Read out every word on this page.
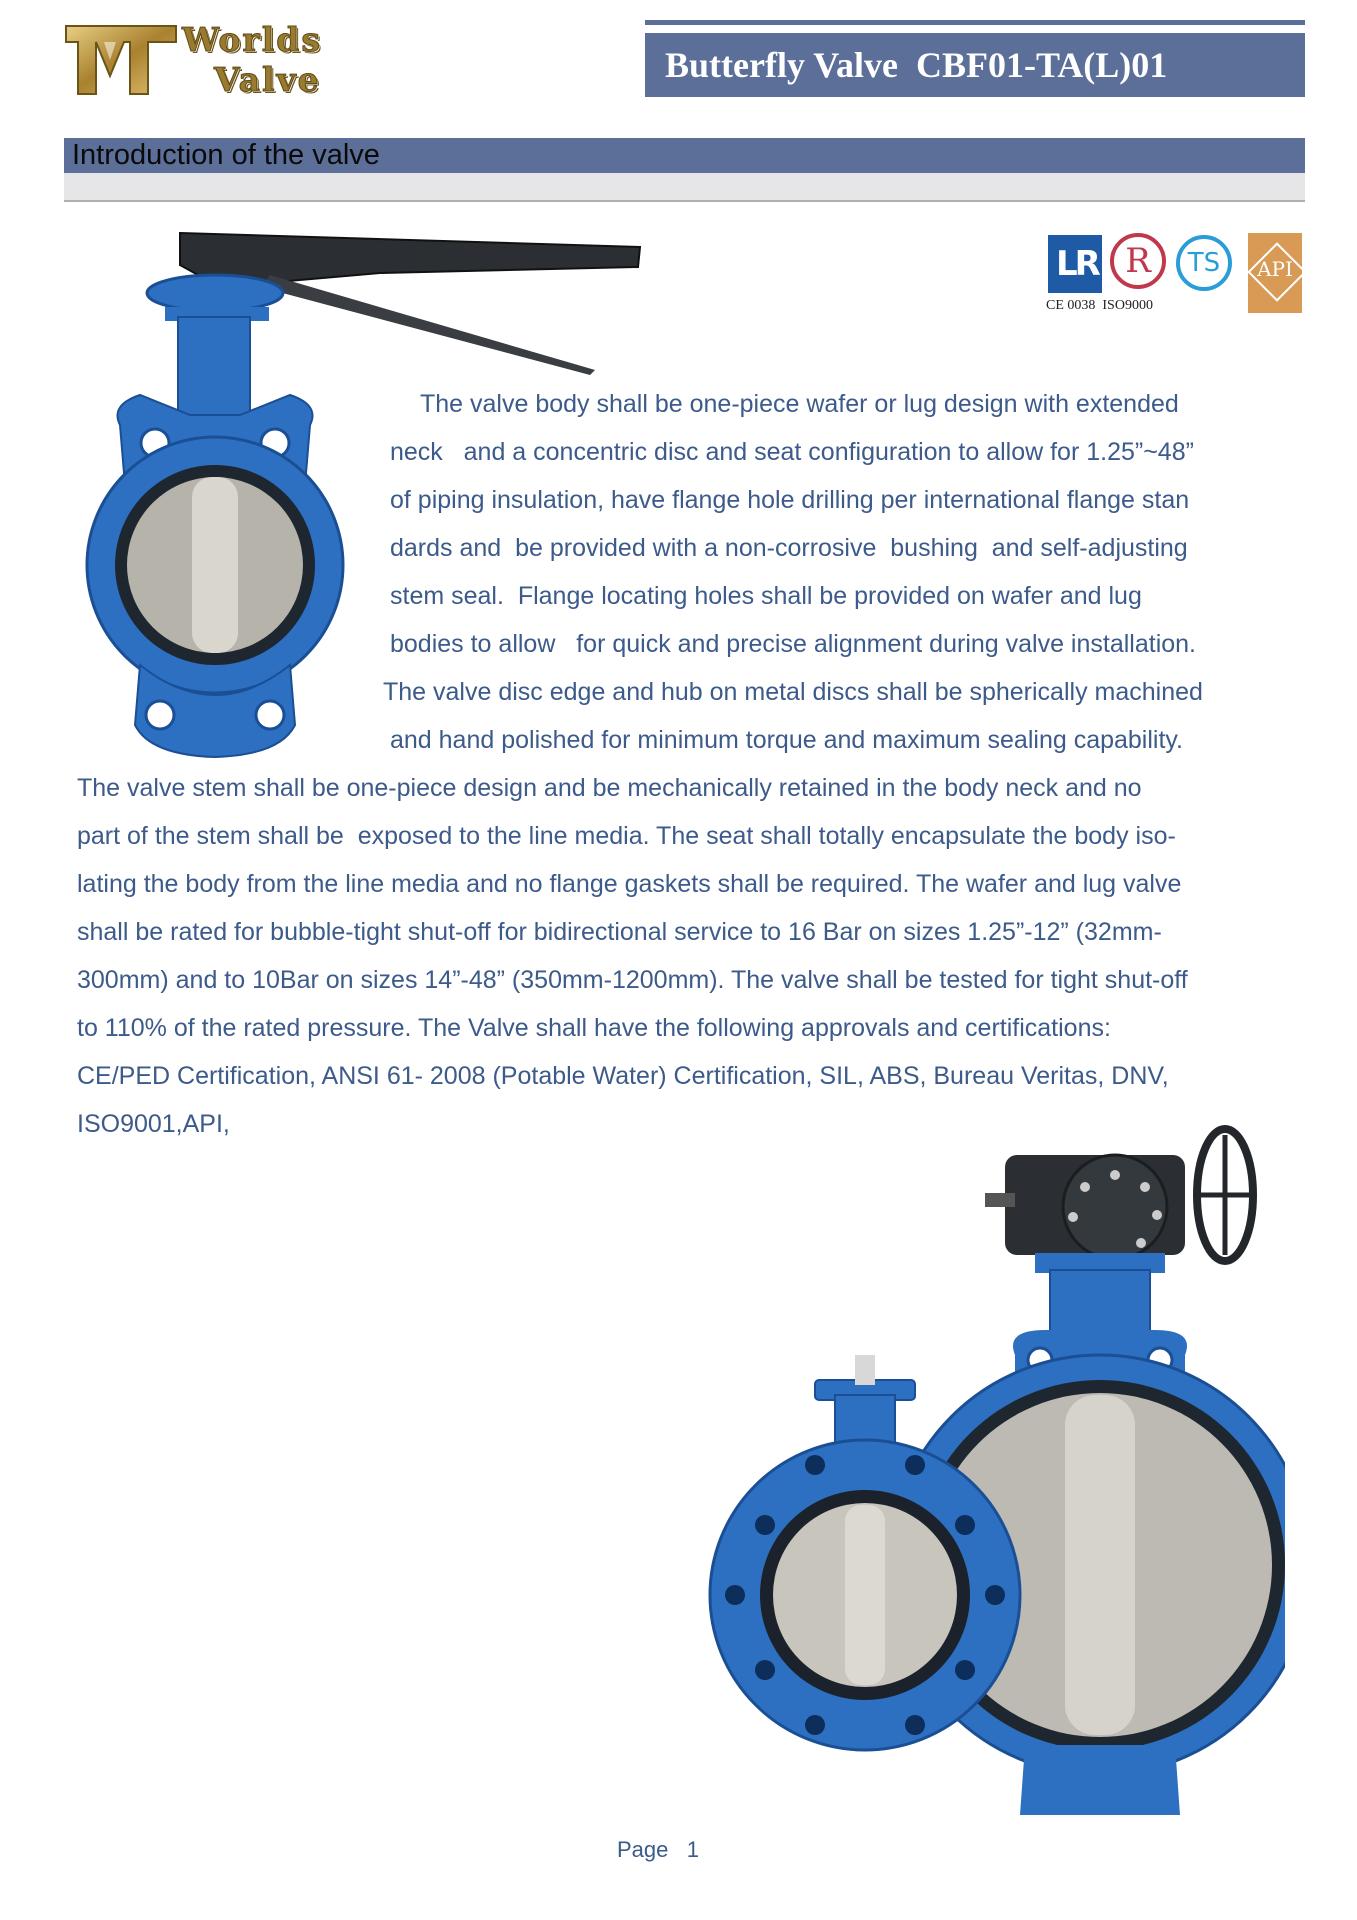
Worlds
Valve	Butterfly Valve  CBF01-TA(L)01
Introduction of the valve
LR R	TS	API
CE 0038  ISO9000
The valve body shall be one-piece wafer or lug design with extended
neck   and a concentric disc and seat configuration to allow for 1.25”~48”
of piping insulation, have flange hole drilling per international flange stan
dards and  be provided with a non-corrosive  bushing  and self-adjusting
stem seal.  Flange locating holes shall be provided on wafer and lug
bodies to allow   for quick and precise alignment during valve installation.
The valve disc edge and hub on metal discs shall be spherically machined
and hand polished for minimum torque and maximum sealing capability.
The valve stem shall be one-piece design and be mechanically retained in the body neck and no
part of the stem shall be  exposed to the line media. The seat shall totally encapsulate the body iso-
lating the body from the line media and no flange gaskets shall be required. The wafer and lug valve
shall be rated for bubble-tight shut-off for bidirectional service to 16 Bar on sizes 1.25”-12” (32mm-
300mm) and to 10Bar on sizes 14”-48” (350mm-1200mm). The valve shall be tested for tight shut-off
to 110% of the rated pressure. The Valve shall have the following approvals and certifications:
CE/PED Certification, ANSI 61- 2008 (Potable Water) Certification, SIL, ABS, Bureau Veritas, DNV,
ISO9001,API,
Page   1
